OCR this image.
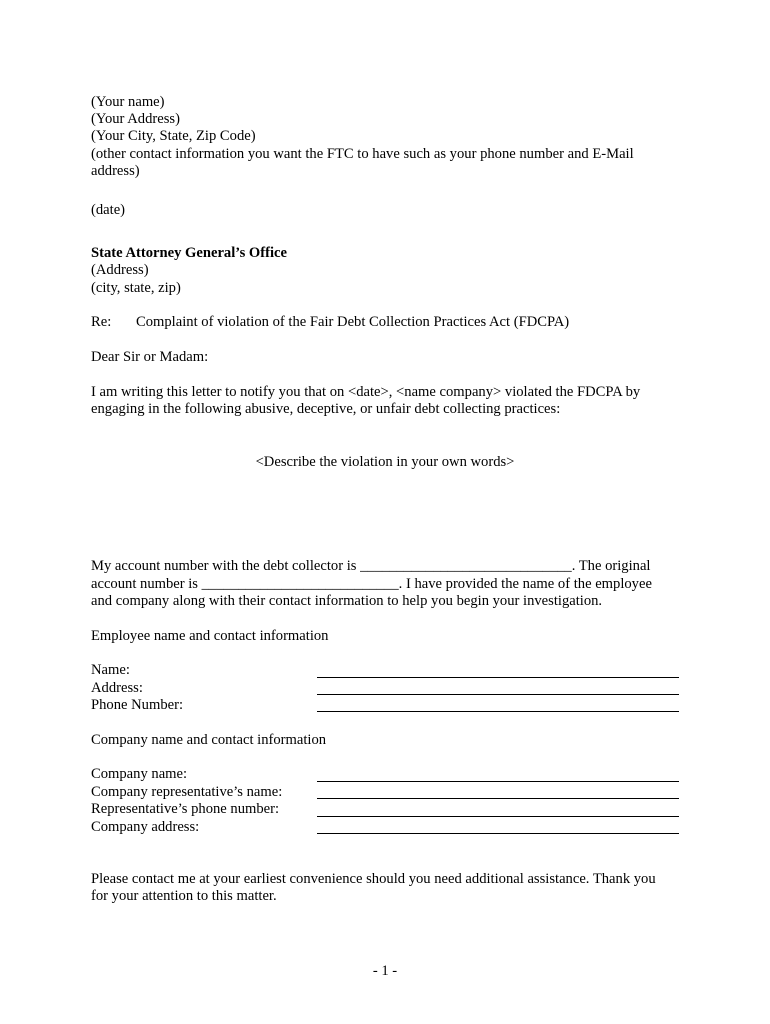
(Your name)
(Your Address)
(Your City, State, Zip Code)
(other contact information you want the FTC to have such as your phone number and E-Mail
address)
(date)
State Attorney General’s Office
(Address)
(city, state, zip)
Re: Complaint of violation of the Fair Debt Collection Practices Act (FDCPA)
Dear Sir or Madam:
I am writing this letter to notify you that on <date>, <name company> violated the FDCPA by
engaging in the following abusive, deceptive, or unfair debt collecting practices:
<Describe the violation in your own words>
My account number with the debt collector is _____________________________. The original
account number is ___________________________. I have provided the name of the employee
and company along with their contact information to help you begin your investigation.
Employee name and contact information
Name:
Address:
Phone Number:
Company name and contact information
Company name:
Company representative’s name:
Representative’s phone number:
Company address:
Please contact me at your earliest convenience should you need additional assistance. Thank you
for your attention to this matter.
- 1 -
